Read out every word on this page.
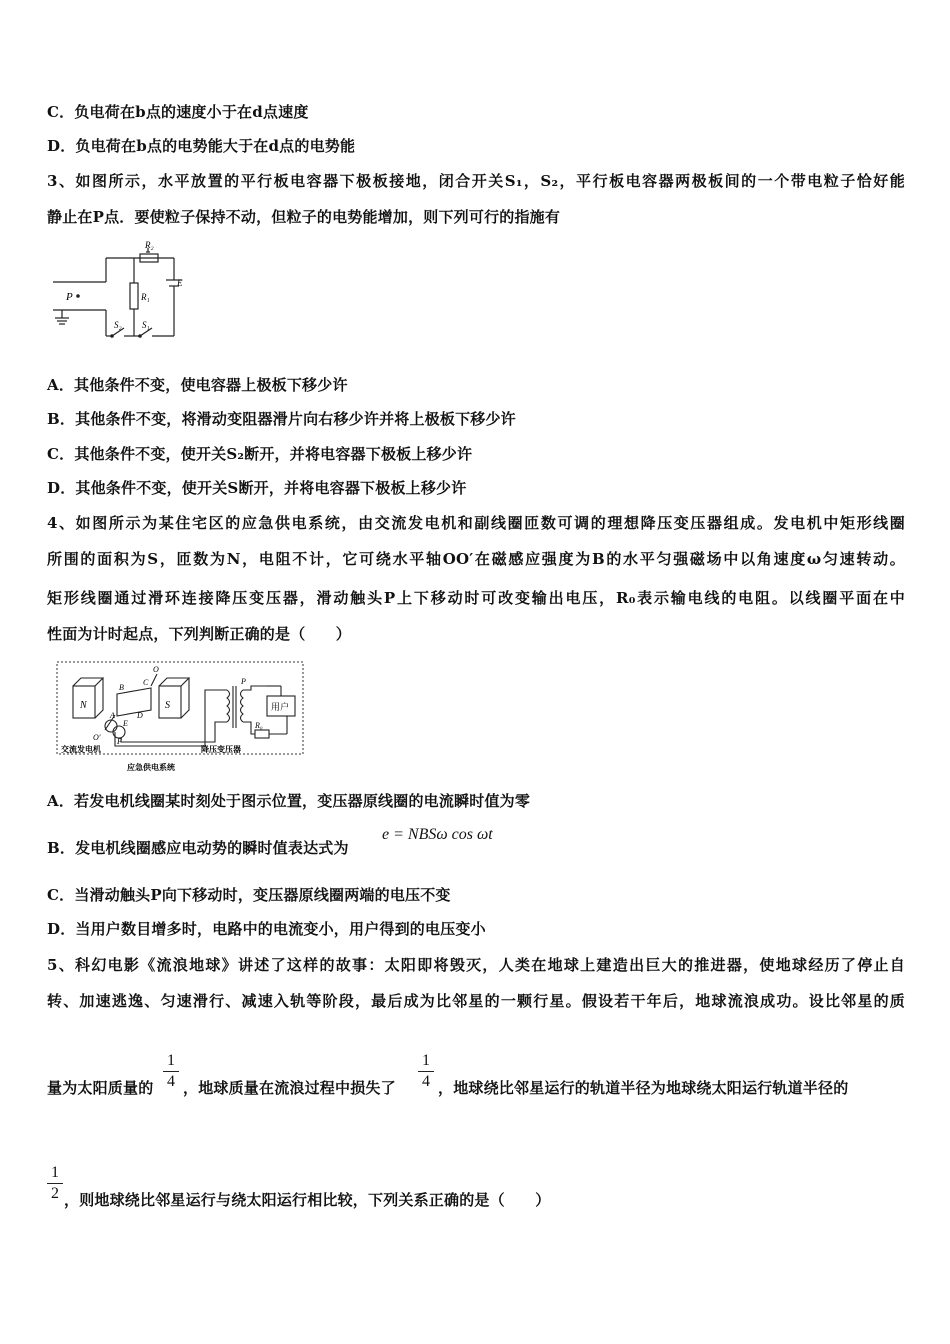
C．负电荷在b点的速度小于在d点速度
D．负电荷在b点的电势能大于在d点的电势能
3、如图所示，水平放置的平行板电容器下极板接地，闭合开关S₁，S₂，平行板电容器两极板间的一个带电粒子恰好能
静止在P点．要使粒子保持不动，但粒子的电势能增加，则下列可行的指施有
P
R₂
R₁
E
S₂ S₁
A．其他条件不变，使电容器上极板下移少许
B．其他条件不变，将滑动变阻器滑片向右移少许并将上极板下移少许
C．其他条件不变，使开关S₂断开，并将电容器下极板上移少许
D．其他条件不变，使开关S断开，并将电容器下极板上移少许
4、如图所示为某住宅区的应急供电系统，由交流发电机和副线圈匝数可调的理想降压变压器组成。发电机中矩形线圈
所围的面积为S，匝数为N，电阻不计，它可绕水平轴OO′在磁感应强度为B的水平匀强磁场中以角速度ω匀速转动。
矩形线圈通过滑环连接降压变压器，滑动触头P上下移动时可改变输出电压，R₀表示输电线的电阻。以线圈平面在中
性面为计时起点，下列判断正确的是（　　）
N	S
O
O′
B
A
C
D
E
F
P
R₀
用户
交流发电机	降压变压器
应急供电系统
A．若发电机线圈某时刻处于图示位置，变压器原线圈的电流瞬时值为零
B．发电机线圈感应电动势的瞬时值表达式为
e = NBSω cos ωt
C．当滑动触头P向下移动时，变压器原线圈两端的电压不变
D．当用户数目增多时，电路中的电流变小，用户得到的电压变小
5、科幻电影《流浪地球》讲述了这样的故事：太阳即将毁灭，人类在地球上建造出巨大的推进器，使地球经历了停止自
转、加速逃逸、匀速滑行、减速入轨等阶段，最后成为比邻星的一颗行星。假设若干年后，地球流浪成功。设比邻星的质
量为太阳质量的
1
4 ，地球质量在流浪过程中损失了
1
4 ，地球绕比邻星运行的轨道半径为地球绕太阳运行轨道半径的
1
2 ，则地球绕比邻星运行与绕太阳运行相比较，下列关系正确的是（　　）
